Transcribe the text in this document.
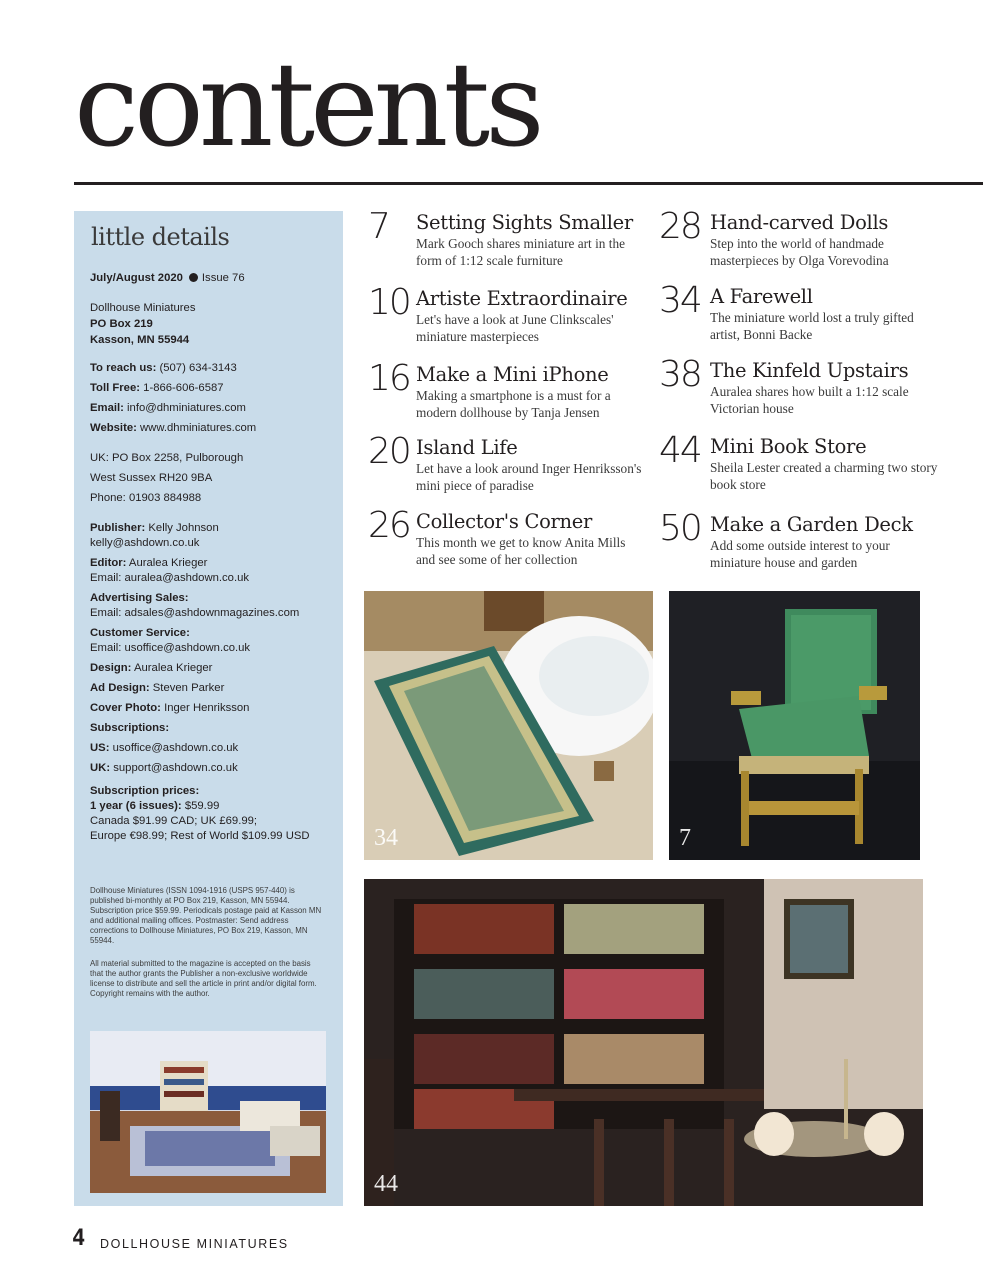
contents
little details
July/August 2020 Issue 76
Dollhouse Miniatures
PO Box 219
Kasson, MN 55944
To reach us: (507) 634-3143
Toll Free: 1-866-606-6587
Email: info@dhminiatures.com
Website: www.dhminiatures.com
UK: PO Box 2258, Pulborough
West Sussex RH20 9BA
Phone: 01903 884988
Publisher: Kelly Johnson
kelly@ashdown.co.uk
Editor: Auralea Krieger
Email: auralea@ashdown.co.uk
Advertising Sales:
Email: adsales@ashdownmagazines.com
Customer Service:
Email: usoffice@ashdown.co.uk
Design: Auralea Krieger
Ad Design: Steven Parker
Cover Photo: Inger Henriksson
Subscriptions:
US: usoffice@ashdown.co.uk
UK: support@ashdown.co.uk
Subscription prices:
1 year (6 issues): $59.99
Canada $91.99 CAD; UK £69.99;
Europe €98.99; Rest of World $109.99 USD
Dollhouse Miniatures (ISSN 1094-1916 (USPS 957-440) is published bi-monthly at PO Box 219, Kasson, MN 55944. Subscription price $59.99. Periodicals postage paid at Kasson MN and additional mailing offices. Postmaster: Send address corrections to Dollhouse Miniatures, PO Box 219, Kasson, MN 55944.
All material submitted to the magazine is accepted on the basis that the author grants the Publisher a non-exclusive worldwide license to distribute and sell the article in print and/or digital form. Copyright remains with the author.
7	Setting Sights Smaller
Mark Gooch shares miniature art in the form of 1:12 scale furniture
10 Artiste Extraordinaire
Let's have a look at June Clinkscales' miniature masterpieces
16 Make a Mini iPhone
Making a smartphone is a must for a modern dollhouse by Tanja Jensen
20 Island Life
Let have a look around Inger Henriksson's mini piece of paradise
26 Collector's Corner
This month we get to know Anita Mills and see some of her collection
28 Hand-carved Dolls
Step into the world of handmade masterpieces by Olga Vorevodina
34 A Farewell
The miniature world lost a truly gifted artist, Bonni Backe
38 The Kinfeld Upstairs
Auralea shares how built a 1:12 scale Victorian house
44 Mini Book Store
Sheila Lester created a charming two story book store
50 Make a Garden Deck
Add some outside interest to your miniature house and garden
34	7
44
4 DOLLHOUSE MINIATURES
